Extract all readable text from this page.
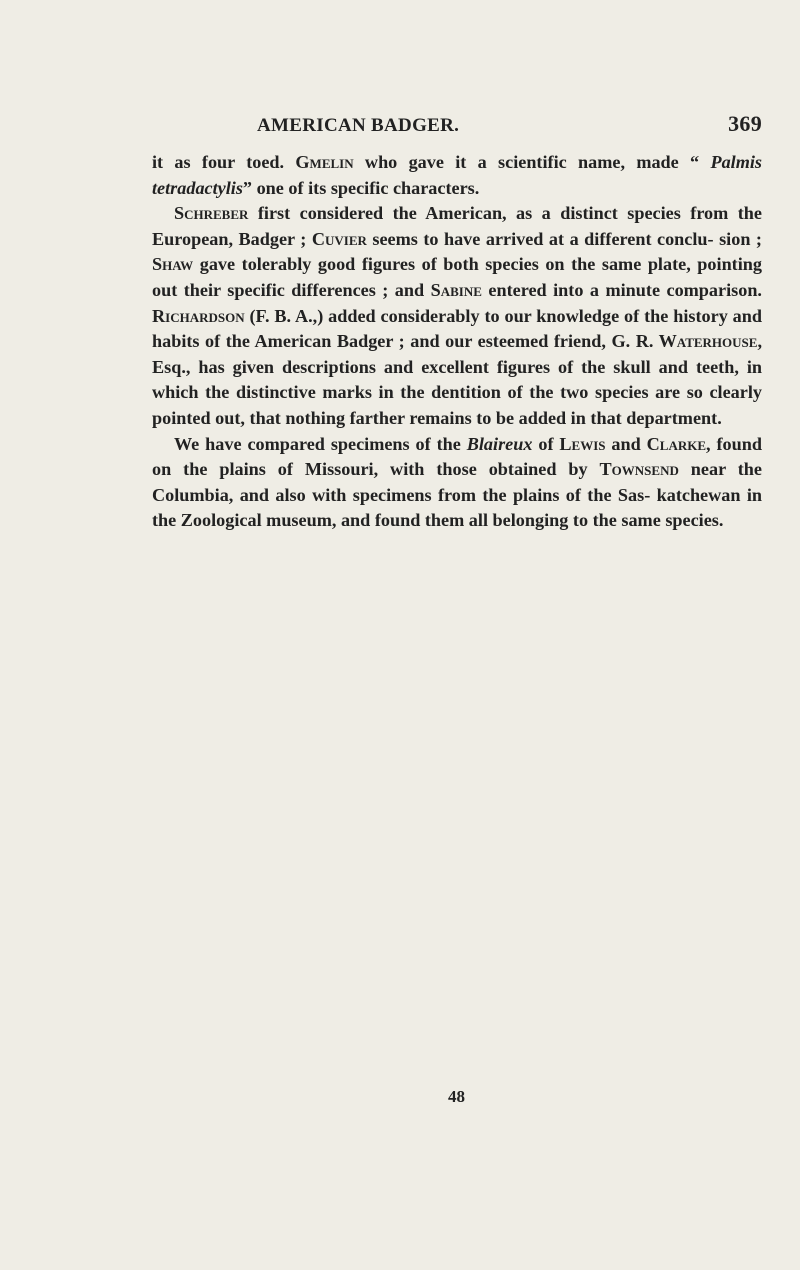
AMERICAN BADGER.	369

it as four toed. Gmelin who gave it a scientific name, made “ Palmis tetradactylis” one of its specific characters.

Schreber first considered the American, as a distinct species from the European, Badger ; Cuvier seems to have arrived at a different conclu- sion ; Shaw gave tolerably good figures of both species on the same plate, pointing out their specific differences ; and Sabine entered into a minute comparison. Richardson (F. B. A.,) added considerably to our knowledge of the history and habits of the American Badger ; and our esteemed friend, G. R. Waterhouse, Esq., has given descriptions and excellent figures of the skull and teeth, in which the distinctive marks in the dentition of the two species are so clearly pointed out, that nothing farther remains to be added in that department.

We have compared specimens of the Blaireux of Lewis and Clarke, found on the plains of Missouri, with those obtained by Townsend near the Columbia, and also with specimens from the plains of the Sas- katchewan in the Zoological museum, and found them all belonging to the same species.

48
